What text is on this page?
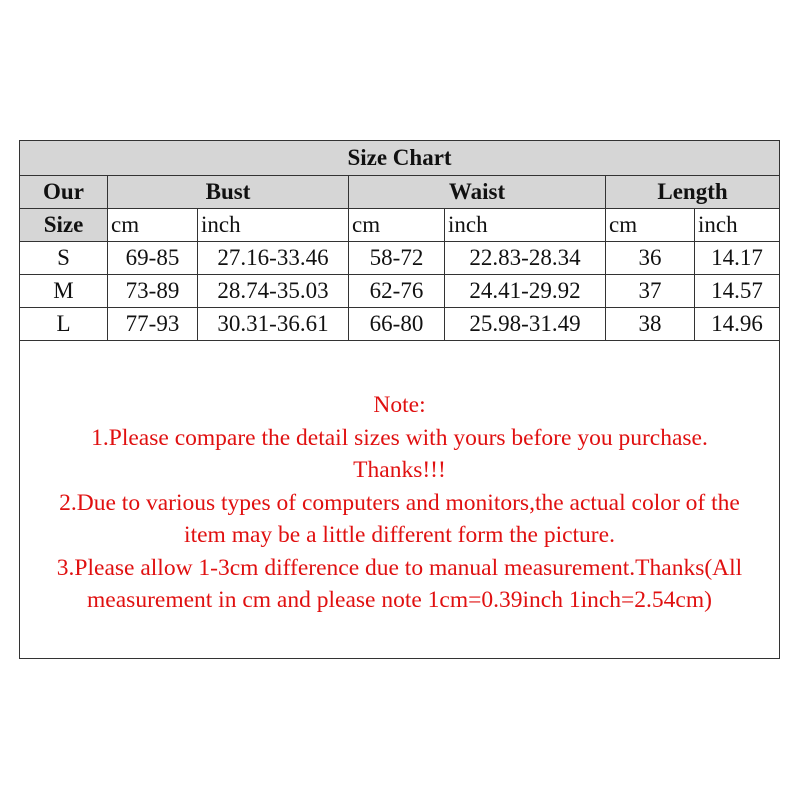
Size Chart						
Our	Bust		Waist		Length	
Size	cm	inch	cm	inch	cm	inch
S	69-85	27.16-33.46	58-72	22.83-28.34	36	14.17
M	73-89	28.74-35.03	62-76	24.41-29.92	37	14.57
L	77-93	30.31-36.61	66-80	25.98-31.49	38	14.96
Note:
1.Please compare the detail sizes with yours before you purchase.
Thanks!!!
2.Due to various types of computers and monitors,the actual color of the
item may be a little different form the picture.
3.Please allow 1-3cm difference due to manual measurement.Thanks(All
measurement in cm and please note 1cm=0.39inch 1inch=2.54cm)
